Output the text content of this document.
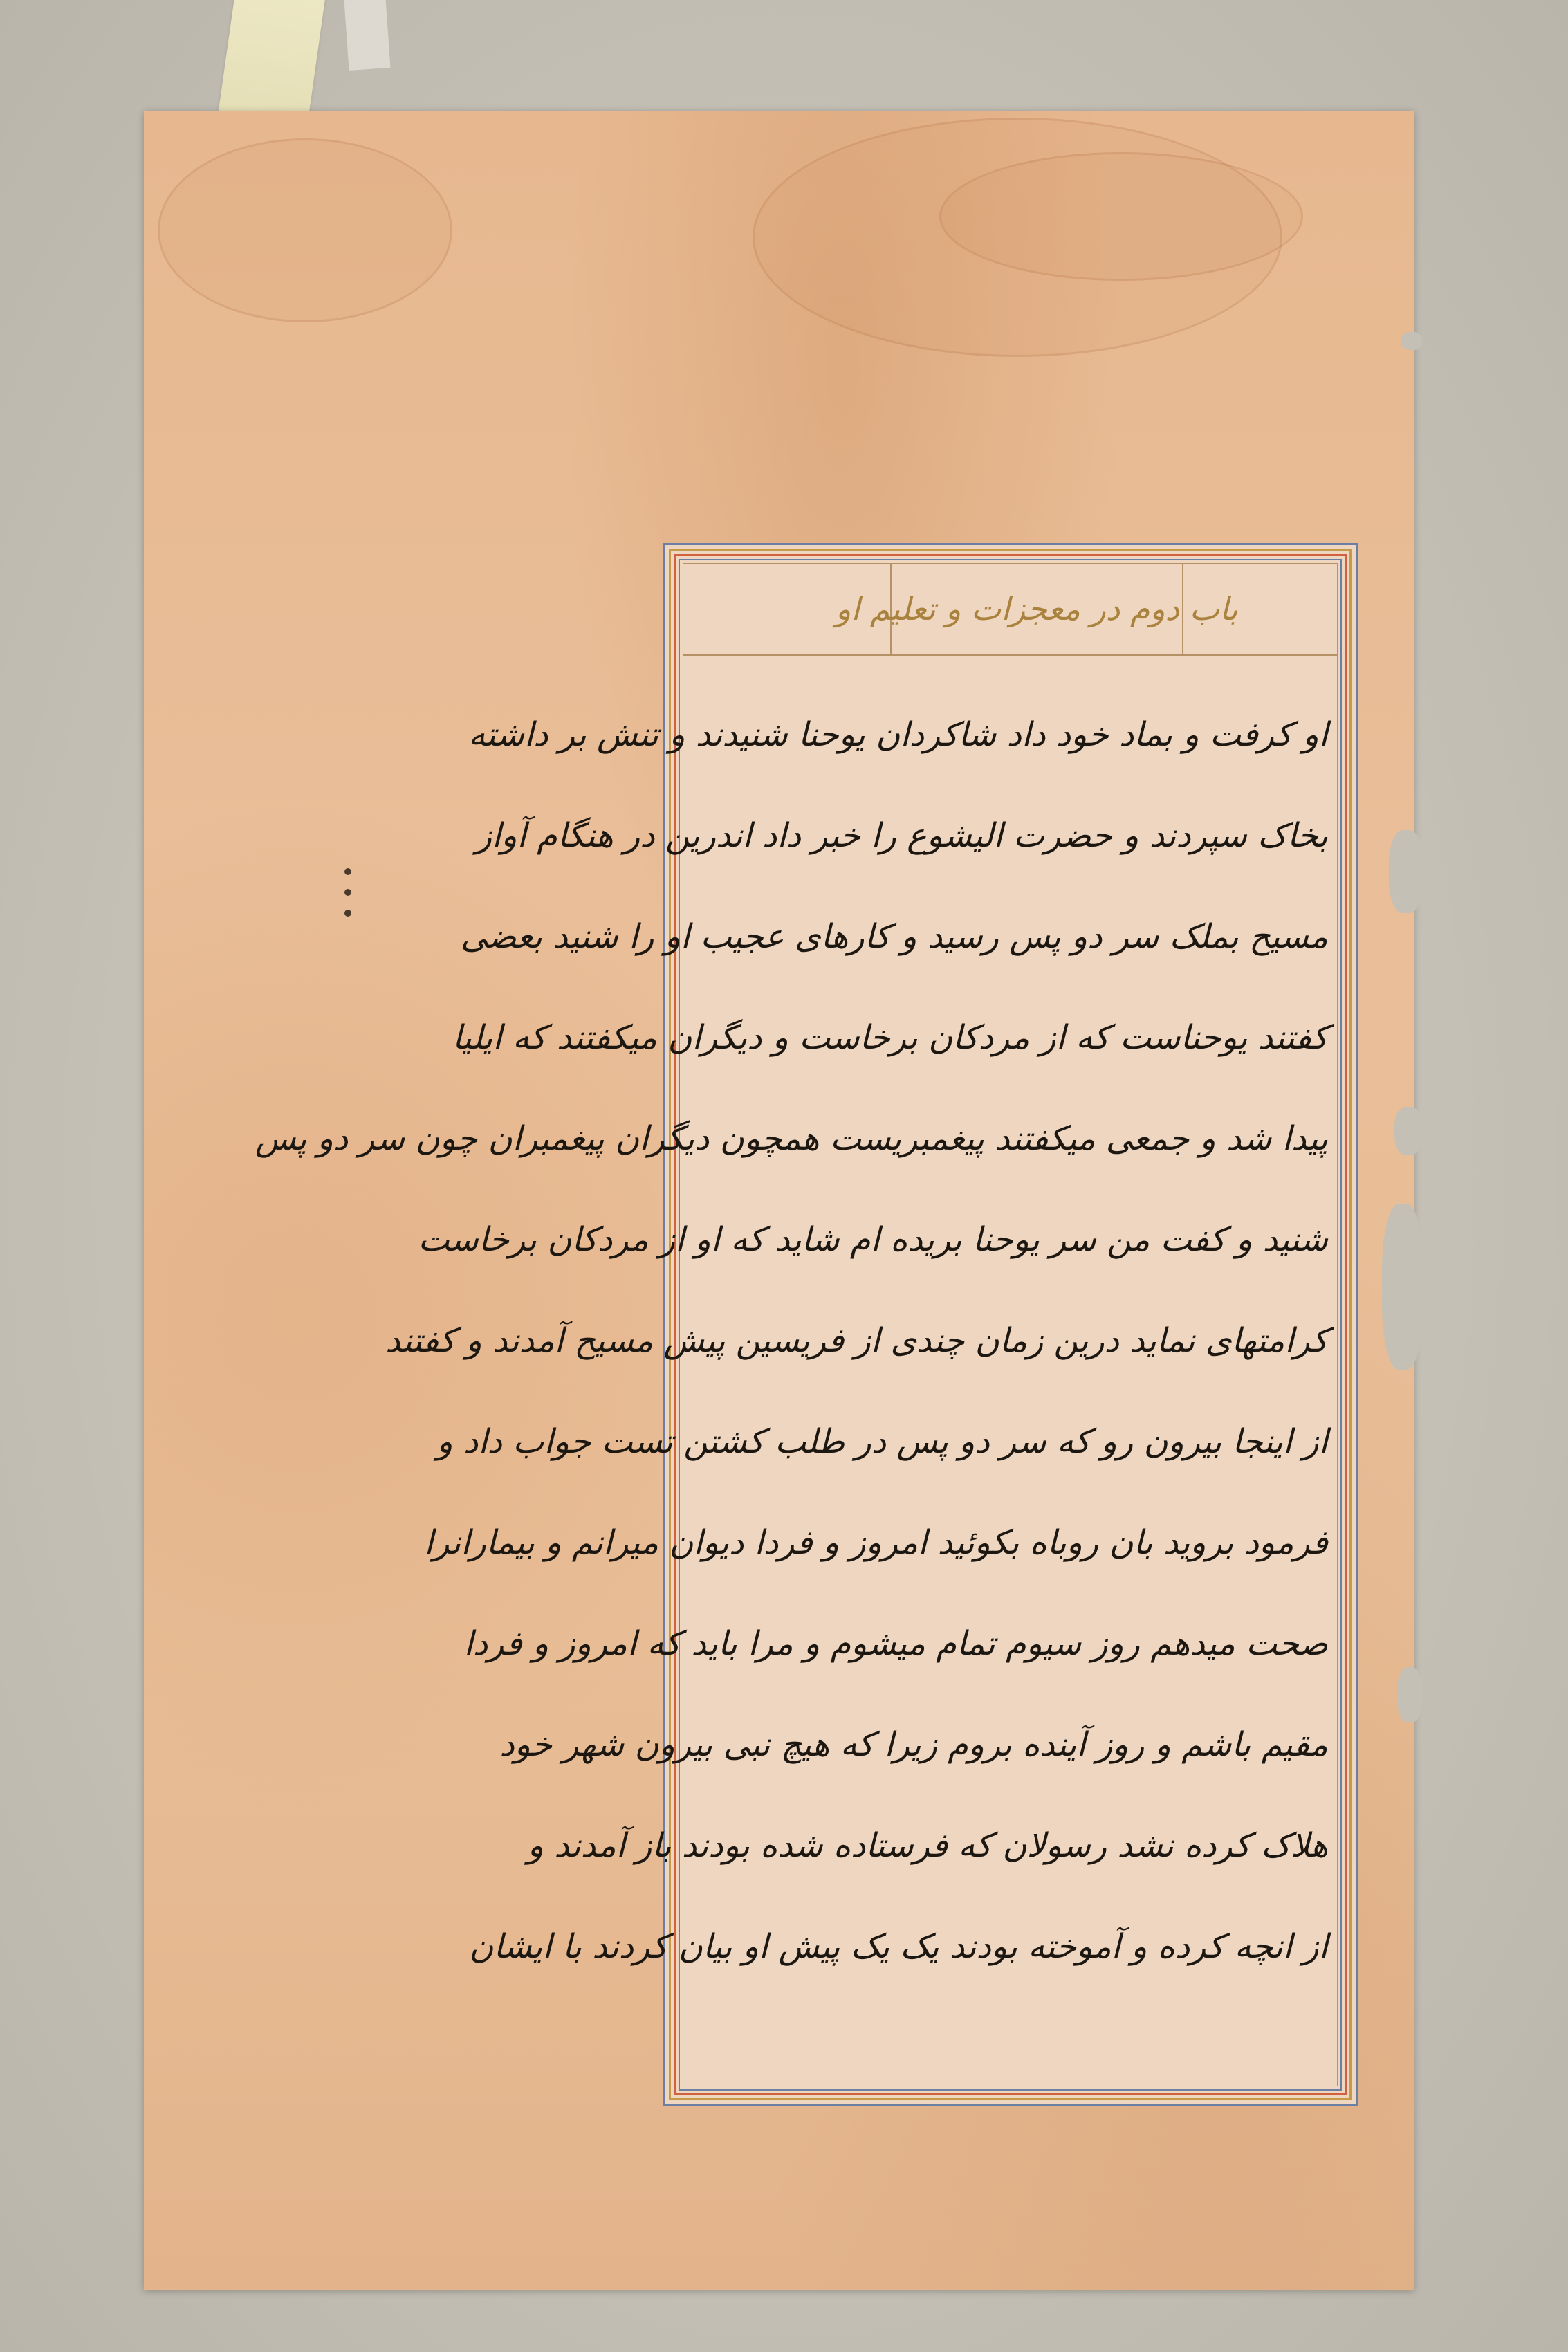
باب دوم در معجزات و تعلیم او
او کرفت و بماد خود داد شاکردان یوحنا شنیدند و تنش بر داشته
بخاک سپردند و حضرت الیشوع را خبر داد اندرین در هنگام آواز
مسیح بملک سر دو پس رسید و کارهای عجیب او را شنید بعضی
کفتند یوحناست که از مردکان برخاست و دیگران میکفتند که ایلیا
پیدا شد و جمعی میکفتند پیغمبریست همچون دیگران پیغمبران چون سر دو پس
شنید و کفت من سر یوحنا بریده ام شاید که او از مردکان برخاست
کرامتهای نماید درین زمان چندی از فریسین پیش مسیح آمدند و کفتند
از اینجا بیرون رو که سر دو پس در طلب کشتن تست جواب داد و
فرمود بروید بان روباه بکوئید امروز و فردا دیوان میرانم و بیمارانرا
صحت میدهم روز سیوم تمام میشوم و مرا باید که امروز و فردا
مقیم باشم و روز آینده بروم زیرا که هیچ نبی بیرون شهر خود
هلاک کرده نشد رسولان که فرستاده شده بودند باز آمدند و
از انچه کرده و آموخته بودند یک یک پیش او بیان کردند با ایشان
